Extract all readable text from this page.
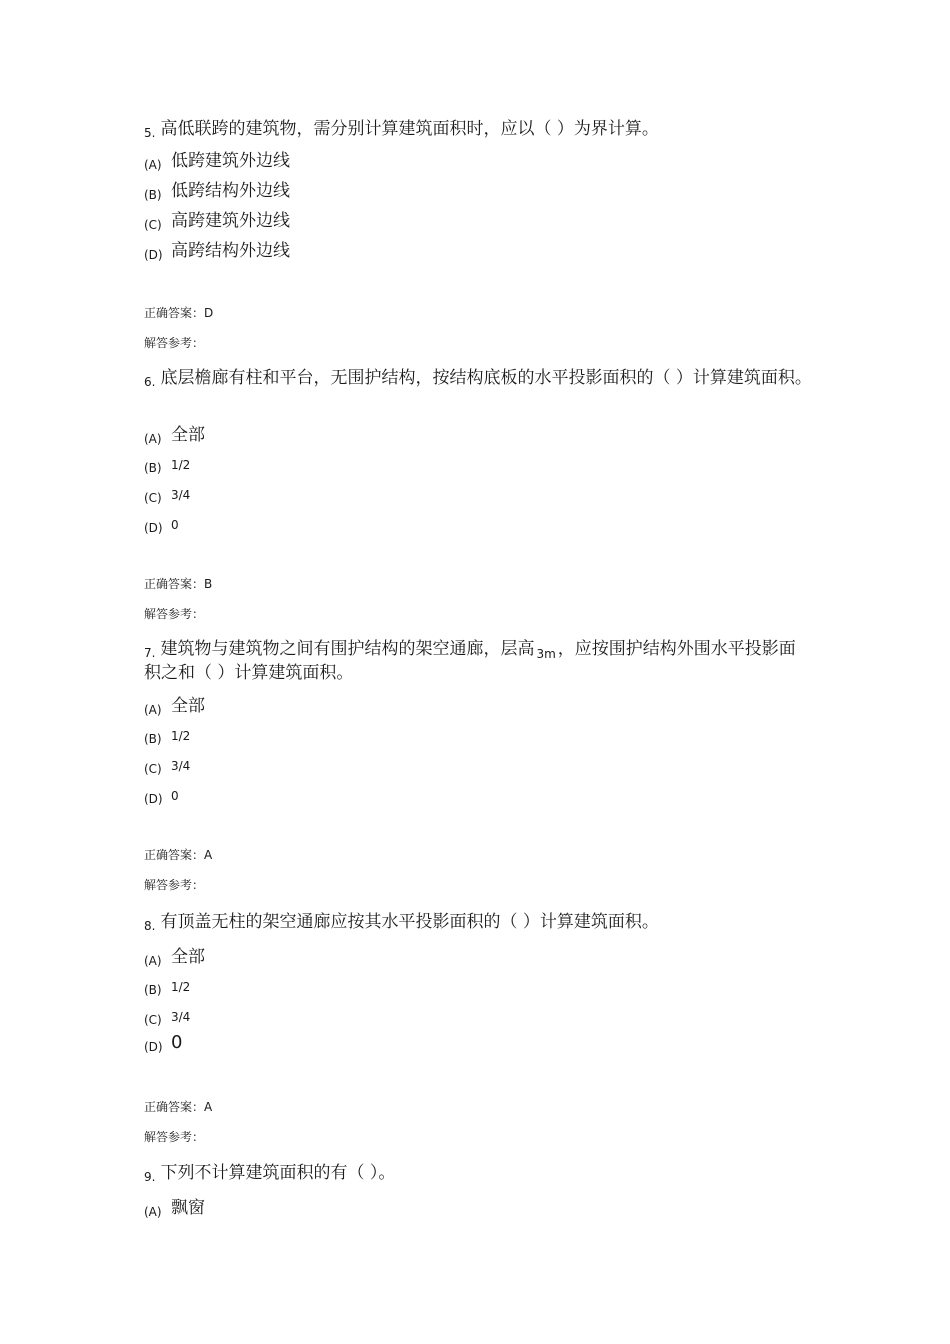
5. 高低联跨的建筑物，需分别计算建筑面积时，应以（ ）为界计算。
(A) 低跨建筑外边线
(B) 低跨结构外边线
(C) 高跨建筑外边线
(D) 高跨结构外边线
正确答案：D
解答参考：
6. 底层檐廊有柱和平台，无围护结构，按结构底板的水平投影面积的（ ）计算建筑面积。
(A) 全部
(B) 1/2
(C) 3/4
(D) 0
正确答案：B
解答参考：
7. 建筑物与建筑物之间有围护结构的架空通廊，层高 $_{3m}$ ，应按围护结构外围水平投影面积之和（ ）计算建筑面积。
(A) 全部
(B) 1/2
(C) 3/4
(D) 0
正确答案：A
解答参考：
8. 有顶盖无柱的架空通廊应按其水平投影面积的（ ）计算建筑面积。
(A) 全部
(B) 1/2
(C) 3/4
(D) 0
正确答案：A
解答参考：
9. 下列不计算建筑面积的有（ ）。
(A) 飘窗
